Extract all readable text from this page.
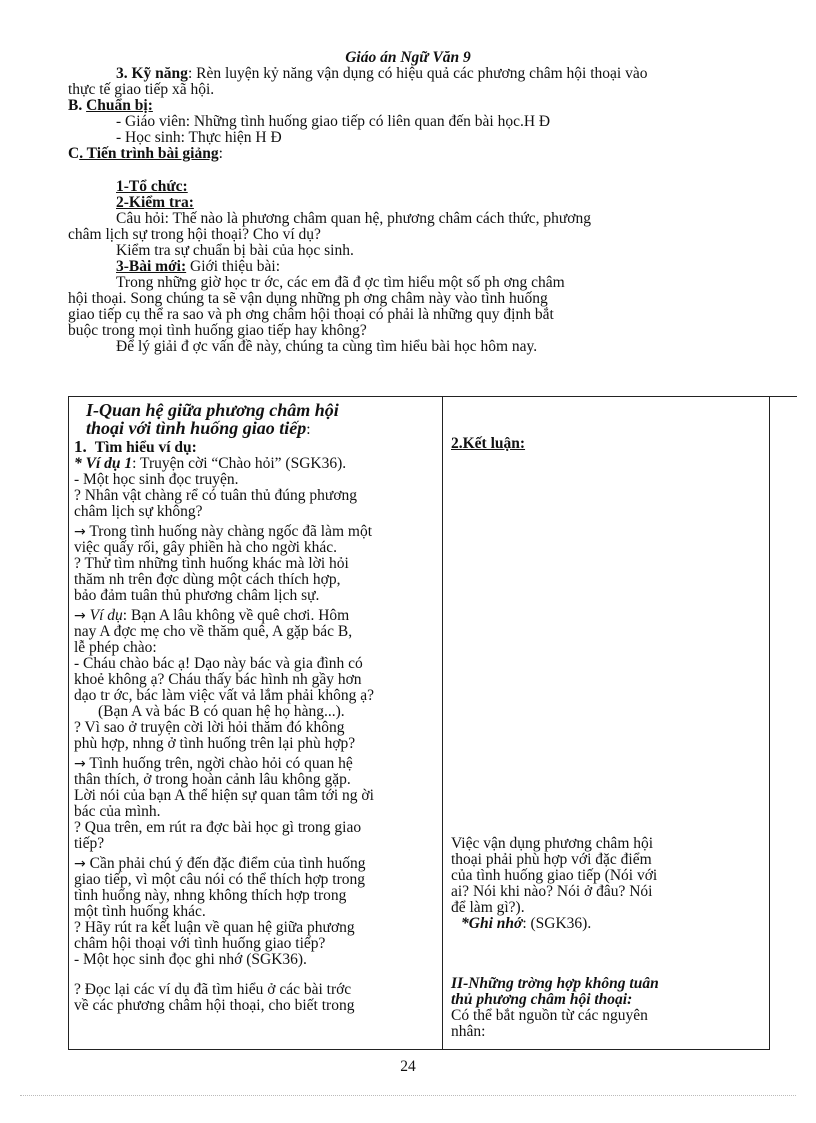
Giáo án Ngữ Văn 9

3. Kỹ năng: Rèn luyện kỷ năng vận dụng có hiệu quả các phương châm hội thoại vào

thực tế giao tiếp xã hội.

B. Chuẩn bị:

- Giáo viên: Những tình huống giao tiếp có liên quan đến bài học.H Đ

- Học sinh: Thực hiện H Đ

C. Tiến trình bài giảng:

1-Tổ chức:

2-Kiểm tra:

Câu hỏi: Thế nào là phương châm quan hệ, phương châm cách thức, phương

châm lịch sự trong hội thoại? Cho ví dụ?

Kiểm tra sự chuẩn bị bài của học sinh.

3-Bài mới: Giới thiệu bài:

Trong những giờ học tr ớc, các em đã đ ợc tìm hiểu một số ph ơng châm

hội thoại. Song chúng ta sẽ vận dụng những ph ơng châm này vào tình huống

giao tiếp cụ thể ra sao và ph ơng châm hội thoại có phải là những quy định bắt

buộc trong mọi tình huống giao tiếp hay không?

Để lý giải đ ợc vấn đề này, chúng ta cùng tìm hiểu bài học hôm nay.

I-Quan hệ giữa phương châm hội

thoại với tình huống giao tiếp:

1. Tìm hiểu ví dụ:

* Ví dụ 1: Truyện cời “Chào hỏi” (SGK36).

- Một học sinh đọc truyện.

? Nhân vật chàng rể có tuân thủ đúng phương

châm lịch sự không?

→ Trong tình huống này chàng ngốc đã làm một

việc quấy rối, gây phiền hà cho ngời khác.

? Thử tìm những tình huống khác mà lời hỏi

thăm nh trên đợc dùng một cách thích hợp,

bảo đảm tuân thủ phương châm lịch sự.

→ Ví dụ: Bạn A lâu không về quê chơi. Hôm

nay A đợc mẹ cho về thăm quê, A gặp bác B,

lễ phép chào:

- Cháu chào bác ạ! Dạo này bác và gia đình có

khoẻ không ạ? Cháu thấy bác hình nh gầy hơn

dạo tr ớc, bác làm việc vất vả lắm phải không ạ?

(Bạn A và bác B có quan hệ họ hàng...).

? Vì sao ở truyện cời lời hỏi thăm đó không

phù hợp, nhng ở tình huống trên lại phù hợp?

→ Tình huống trên, ngời chào hỏi có quan hệ

thân thích, ở trong hoàn cảnh lâu không gặp.

Lời nói của bạn A thể hiện sự quan tâm tới ng ời

bác của mình.

? Qua trên, em rút ra đợc bài học gì trong giao

tiếp?

→ Cần phải chú ý đến đặc điểm của tình huống

giao tiếp, vì một câu nói có thể thích hợp trong

tình huống này, nhng không thích hợp trong

một tình huống khác.

? Hãy rút ra kết luận về quan hệ giữa phương

châm hội thoại với tình huống giao tiếp?

- Một học sinh đọc ghi nhớ (SGK36).

? Đọc lại các ví dụ đã tìm hiểu ở các bài trớc

về các phương châm hội thoại, cho biết trong

2.Kết luận:

Việc vận dụng phương châm hội

thoại phải phù hợp với đặc điểm

của tình huống giao tiếp (Nói với

ai? Nói khi nào? Nói ở đâu? Nói

để làm gì?).

*Ghi nhớ: (SGK36).

II-Những trờng hợp không tuân

thủ phương châm hội thoại:

Có thể bắt nguồn từ các nguyên

nhân:

24
